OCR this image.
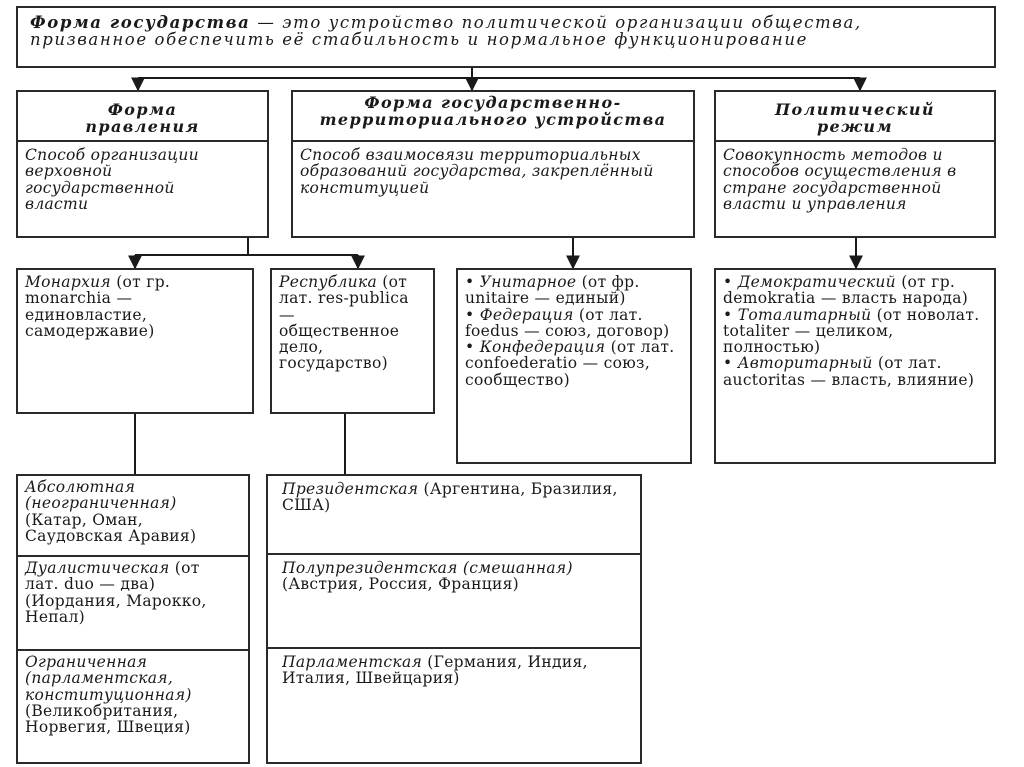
Форма государства — это устройство политической организации общества, призванное обеспечить её стабильность и нормальное функционирование

Форма правления
Способ организации верховной государственной власти
Форма государственно-территориального устройства
Способ взаимосвязи территориальных образований государства, закреплённый конституцией
Политический режим
Совокупность методов и способов осуществления в стране государственной власти и управления

Монархия (от гр. monarchia — единовластие, самодержавие)

Республика (от лат. res-publica — общественное дело, государство)

• Унитарное (от фр. unitaire — единый)

• Федерация (от лат. foedus — союз, договор)

• Конфедерация (от лат. confoederatio — союз, сообщество)

• Демократический (от гр. demokratia — власть народа)

• Тоталитарный (от новолат. totaliter — целиком, полностью)

• Авторитарный (от лат. auctoritas — власть, влияние)

Абсолютная (неограниченная) (Катар, Оман, Саудовская Аравия)
Дуалистическая (от лат. duo — два) (Иордания, Марокко, Непал)
Ограниченная (парламентская, конституционная) (Великобритания, Норвегия, Швеция)
Президентская (Аргентина, Бразилия, США)
Полупрезидентская (смешанная) (Австрия, Россия, Франция)
Парламентская (Германия, Индия, Италия, Швейцария)
